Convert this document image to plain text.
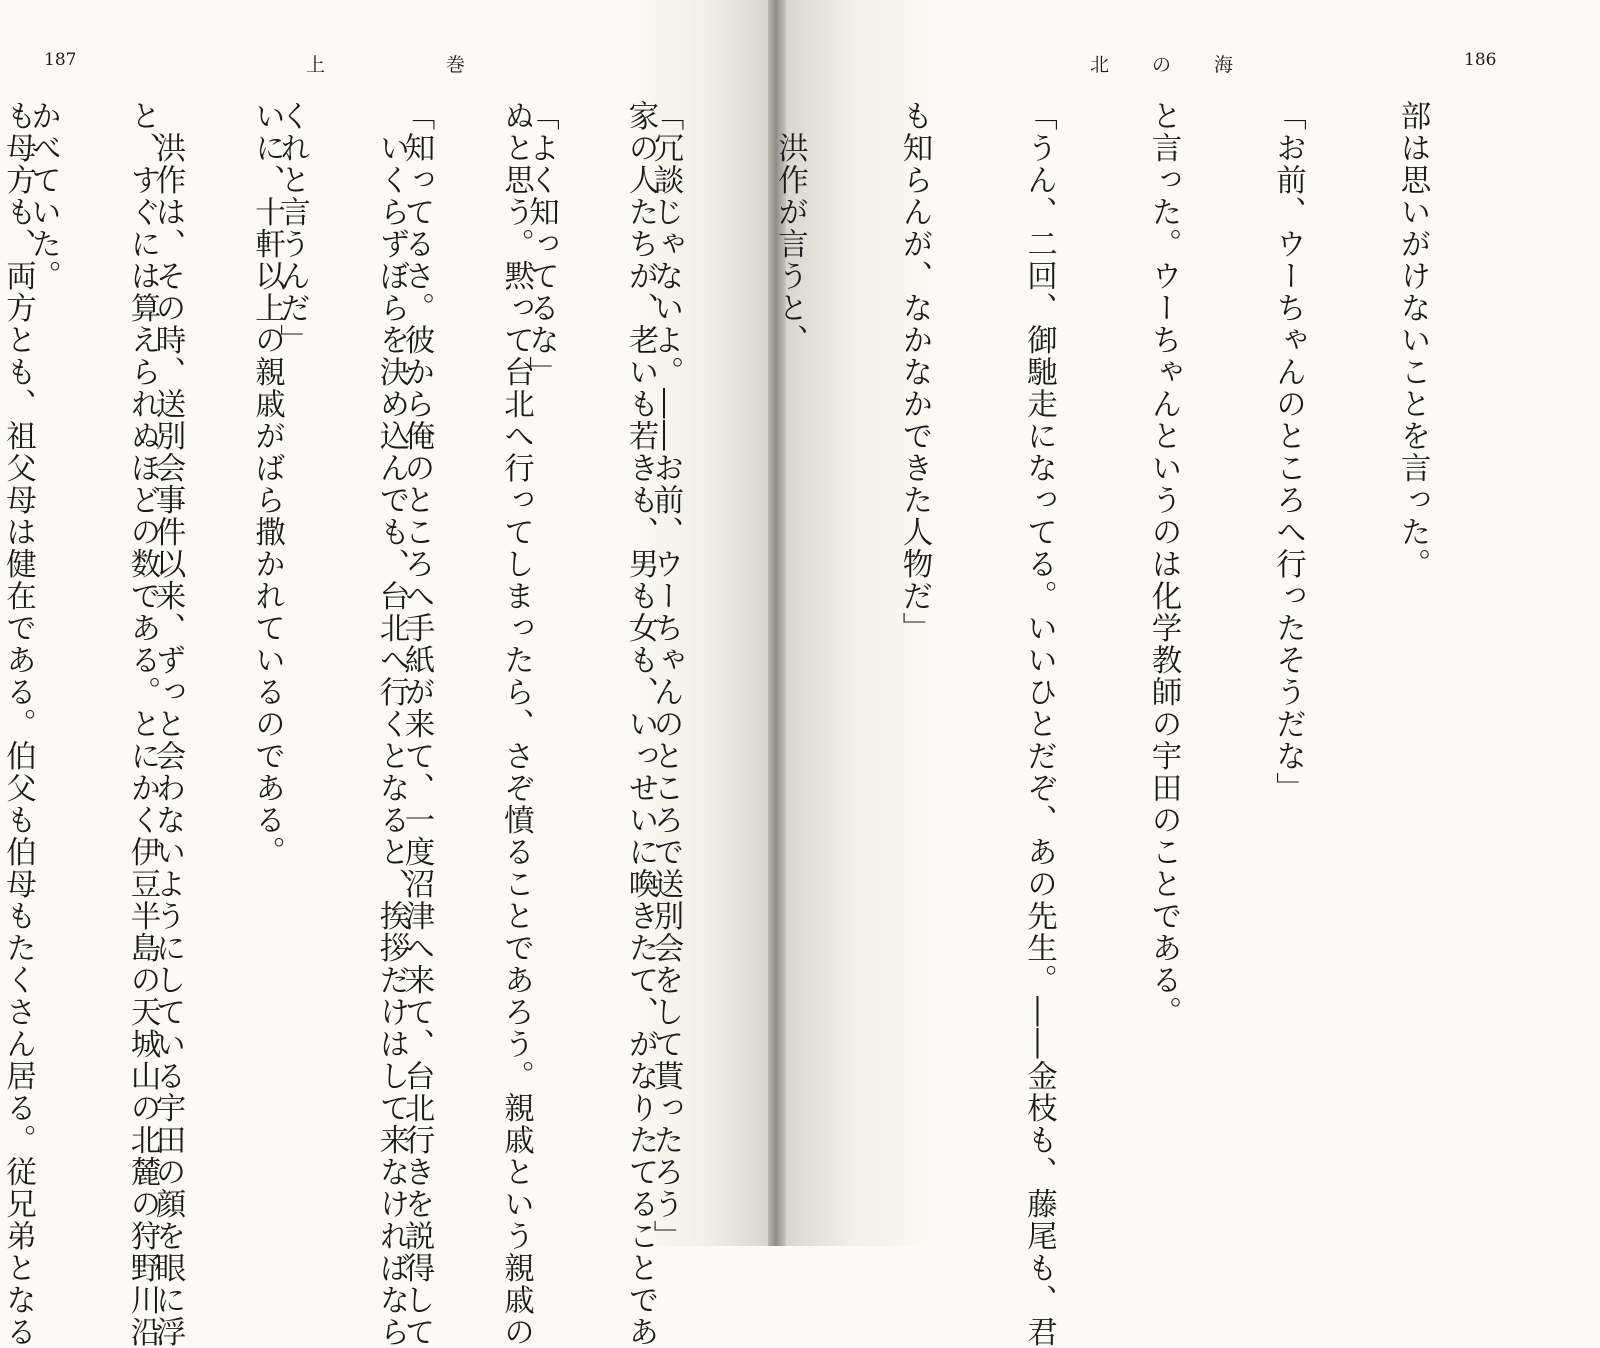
187	上	巻

家の人たちが、老いも若きも、男も女も、いっせいに喚きたて、がなりたてることであ

ぬと思う。黙って台北へ行ってしまったら、さぞ憤ることであろう。親戚という親戚の

　いくらずぼらを決め込んでも、台北へ行くとなると、挨拶だけはして来なければなら

いに、十軒以上の親戚がばら撒かれているのである。

と、すぐには算えられぬほどの数である。とにかく伊豆半島の天城山の北麓の狩野川沿

も母方も、両方とも、祖父母は健在である。伯父も伯母もたくさん居る。従兄弟となる

北 の 海	186

部は思いがけないことを言った。

「お前、ウーちゃんのところへ行ったそうだな」

と言った。ウーちゃんというのは化学教師の宇田のことである。

「うん、二回、御馳走になってる。いいひとだぞ、あの先生。――金枝も、藤尾も、君

も知らんが、なかなかできた人物だ」

　洪作が言うと、

「冗談じゃないよ。――お前、ウーちゃんのところで送別会をして貰ったろう」

「よく知ってるな」

「知ってるさ。彼から俺のところへ手紙が来て、一度沼津へ来て、台北行きを説得して

くれと言うんだ」

　洪作は、その時、送別会事件以来、ずっと会わないようにしている宇田の顔を眼に浮

かべていた。
